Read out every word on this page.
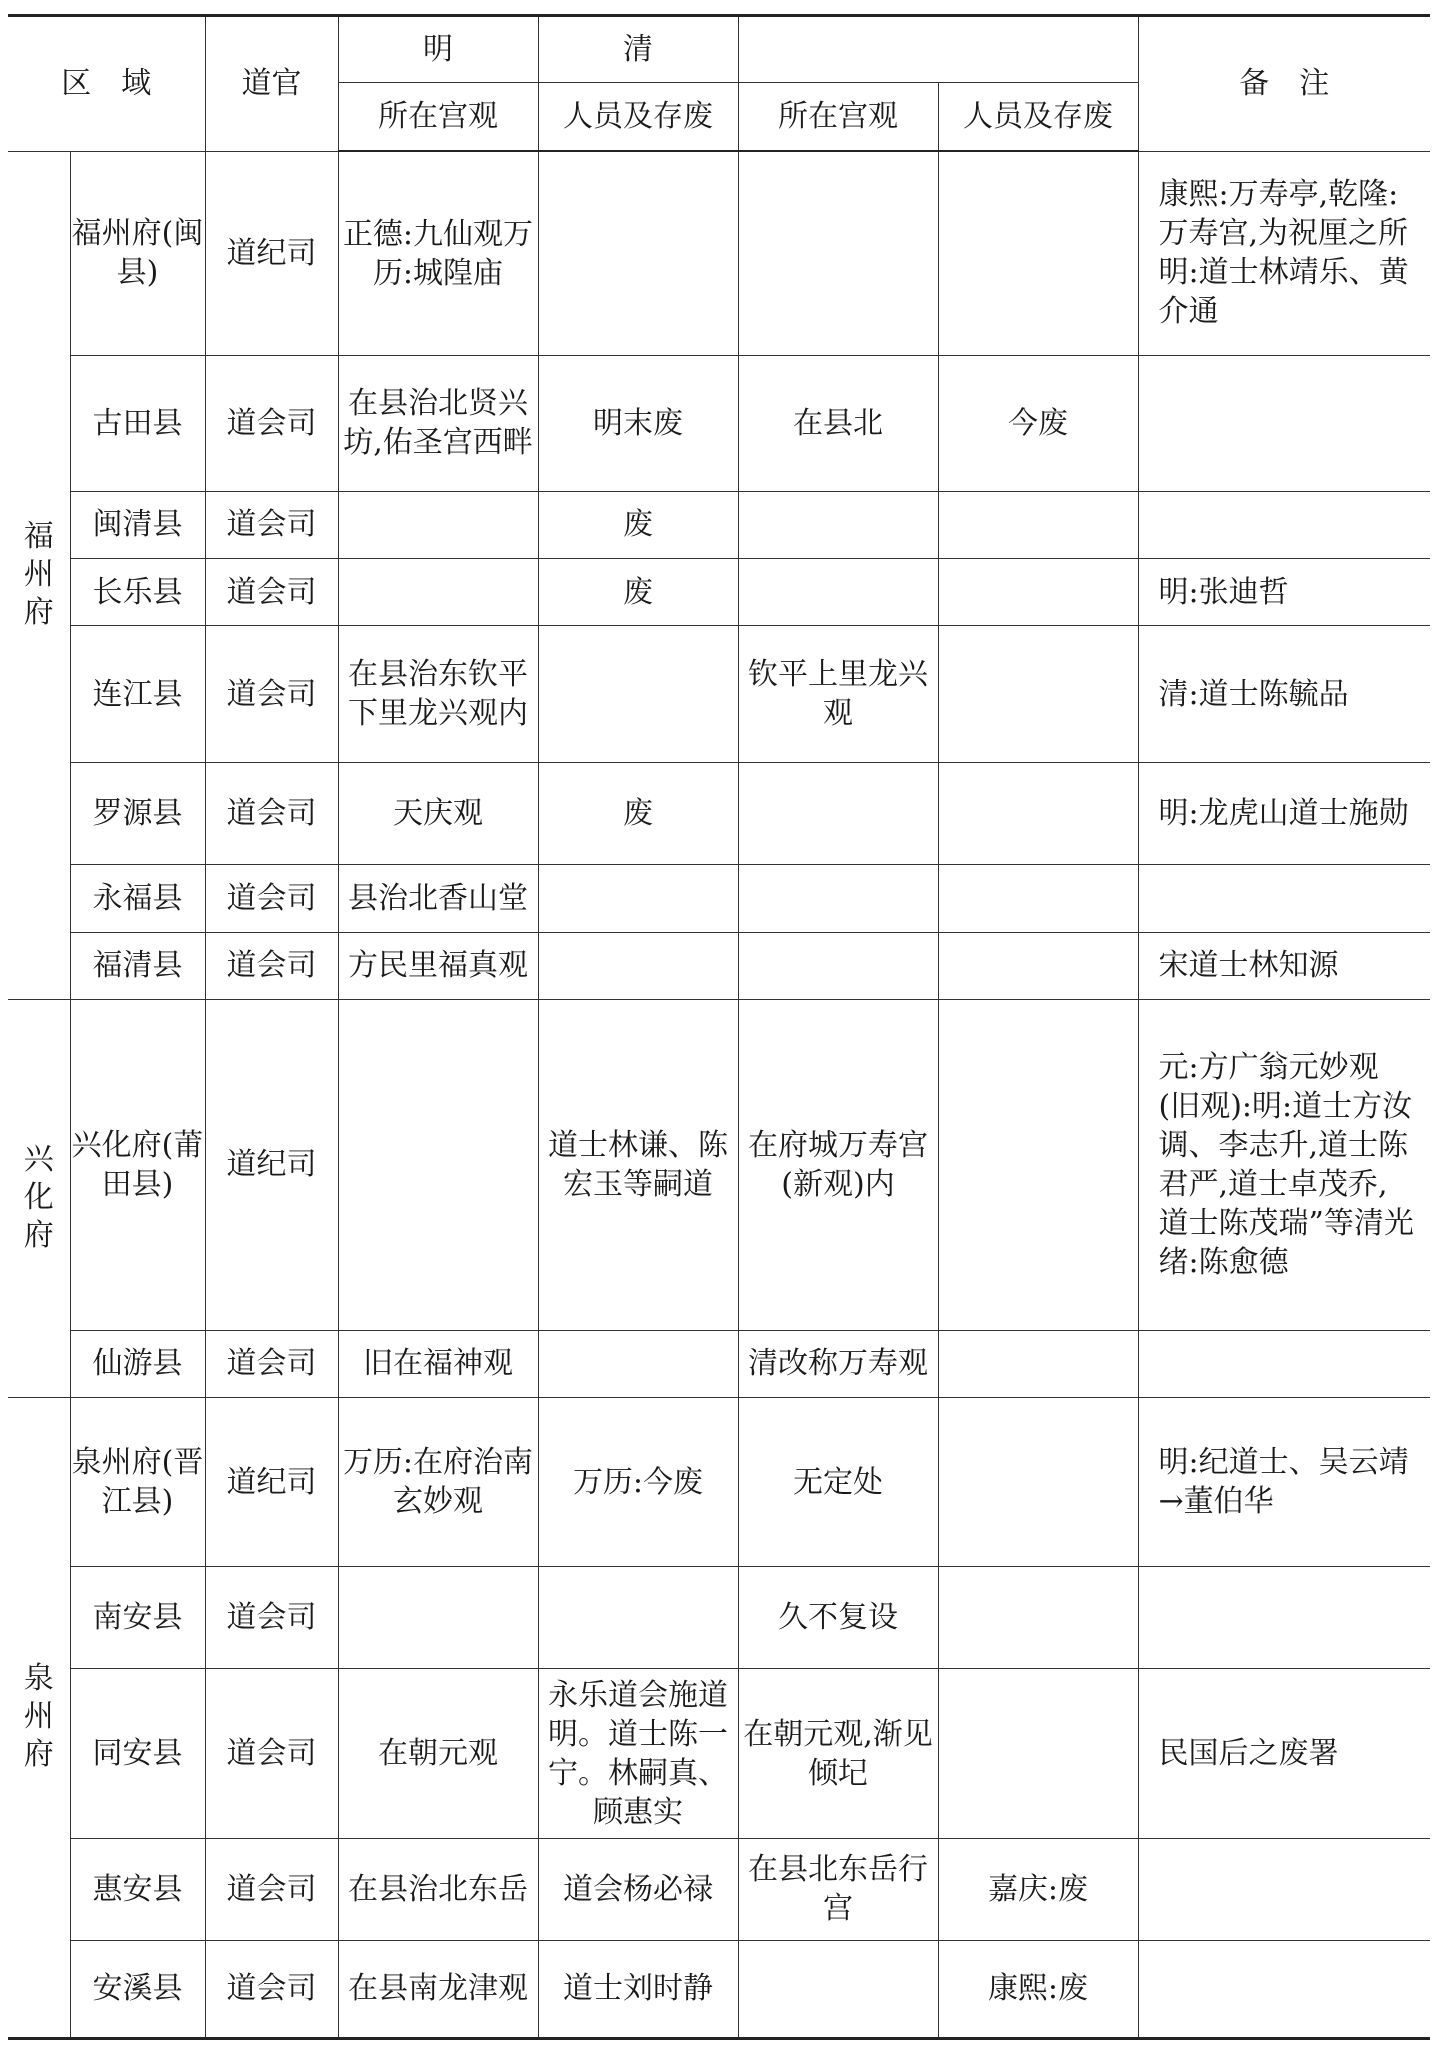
区　域		道官	明	清			备　注
			所在宫观	人员及存废	所在宫观	人员及存废	
福州府	福州府(闽县)	道纪司	正德:九仙观万历:城隍庙				康熙:万寿亭,乾隆:万寿宫,为祝厘之所明:道士林靖乐、黄介通
	古田县	道会司	在县治北贤兴坊,佑圣宫西畔	明末废	在县北	今废	
	闽清县	道会司		废			
	长乐县	道会司		废			明:张迪哲
	连江县	道会司	在县治东钦平下里龙兴观内		钦平上里龙兴观		清:道士陈毓品
	罗源县	道会司	天庆观	废			明:龙虎山道士施勋
	永福县	道会司	县治北香山堂				
	福清县	道会司	方民里福真观				宋道士林知源
兴化府	兴化府(莆田县)	道纪司		道士林谦、陈宏玉等嗣道	在府城万寿宫(新观)内		元:方广翁元妙观(旧观):明:道士方汝调、李志升,道士陈君严,道士卓茂乔,道士陈茂瑞”等清光绪:陈愈德
	仙游县	道会司	旧在福神观		清改称万寿观		
泉州府	泉州府(晋江县)	道纪司	万历:在府治南玄妙观	万历:今废	无定处		明:纪道士、吴云靖→董伯华
	南安县	道会司			久不复设		
	同安县	道会司	在朝元观	永乐道会施道明。道士陈一宁。林嗣真、顾惠实	在朝元观,渐见倾圮		民国后之废署
	惠安县	道会司	在县治北东岳	道会杨必禄	在县北东岳行宫	嘉庆:废	
	安溪县	道会司	在县南龙津观	道士刘时静		康熙:废	
